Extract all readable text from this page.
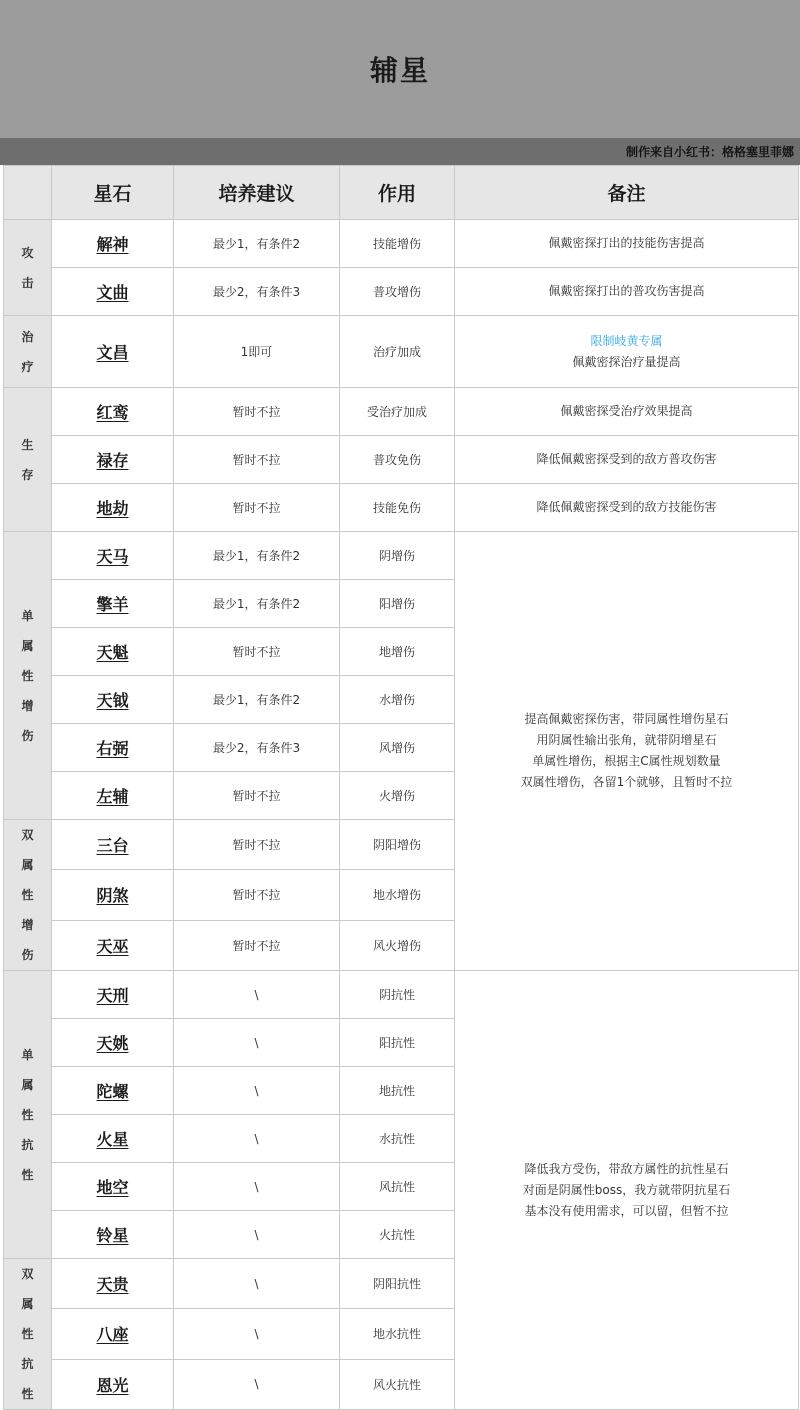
辅星
制作来自小红书：格格塞里菲娜
	星石	培养建议	作用	备注
攻击	解神	最少1，有条件2	技能增伤	佩戴密探打出的技能伤害提高
	文曲	最少2，有条件3	普攻增伤	佩戴密探打出的普攻伤害提高
治疗	文昌	1即可	治疗加成	限制岐黄专属
佩戴密探治疗量提高

生存	红鸾	暂时不拉	受治疗加成	佩戴密探受治疗效果提高
	禄存	暂时不拉	普攻免伤	降低佩戴密探受到的敌方普攻伤害
	地劫	暂时不拉	技能免伤	降低佩戴密探受到的敌方技能伤害
单属性增伤	天马	最少1，有条件2	阴增伤	提高佩戴密探伤害，带同属性增伤星石
用阴属性输出张角，就带阴增星石
单属性增伤，根据主C属性规划数量
双属性增伤，各留1个就够，且暂时不拉

	擎羊	最少1，有条件2	阳增伤	
	天魁	暂时不拉	地增伤	
	天钺	最少1，有条件2	水增伤	
	右弼	最少2，有条件3	风增伤	
	左辅	暂时不拉	火增伤	
双属性增伤	三台	暂时不拉	阴阳增伤	
	阴煞	暂时不拉	地水增伤	
	天巫	暂时不拉	风火增伤	
单属性抗性	天刑	\	阴抗性	降低我方受伤，带敌方属性的抗性星石
对面是阴属性boss，我方就带阴抗星石
基本没有使用需求，可以留，但暂不拉

	天姚	\	阳抗性	
	陀螺	\	地抗性	
	火星	\	水抗性	
	地空	\	风抗性	
	铃星	\	火抗性	
双属性抗性	天贵	\	阴阳抗性	
	八座	\	地水抗性	
	恩光	\	风火抗性	
